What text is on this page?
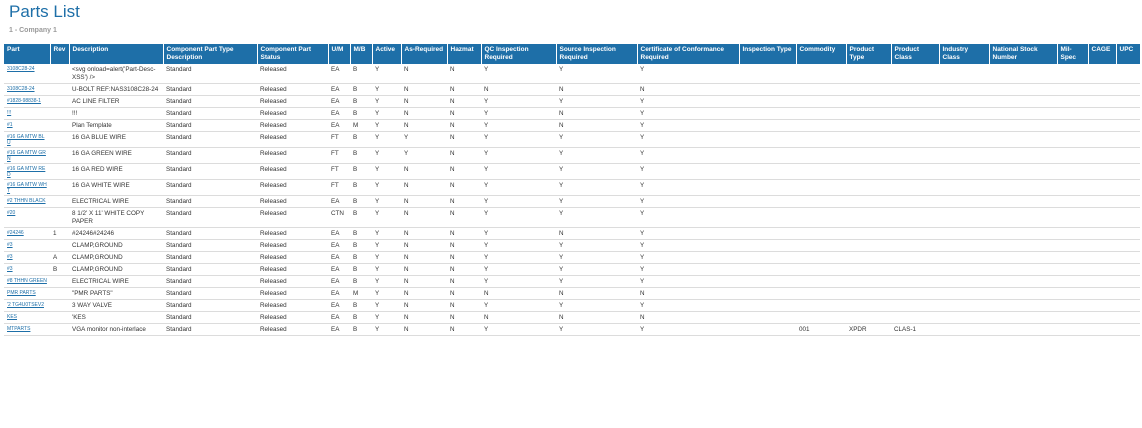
Parts List
1 - Company 1
Part	Rev	Description	Component Part Type Description	Component Part Status	U/M	M/B	Active	As-Required	Hazmat	QC Inspection Required	Source Inspection Required	Certificate of Conformance Required	Inspection Type	Commodity	Product Type	Product Class	Industry Class	National Stock Number	Mil-Spec	CAGE	UPC

3108C28-24		<svg onload=alert('Part-Desc-XSS') />	Standard	Released	EA	B	Y	N	N	Y	Y	Y									

3108C28-24		U-BOLT REF:NAS3108C28-24	Standard	Released	EA	B	Y	N	N	N	N	N									

#1828-98838-1		AC LINE FILTER	Standard	Released	EA	B	Y	N	N	Y	Y	Y									

!!!		!!!	Standard	Released	EA	B	Y	N	N	Y	N	Y									

#1		Plan Template	Standard	Released	EA	M	Y	N	N	Y	N	Y									

#16 GA MTW BLU		16 GA BLUE WIRE	Standard	Released	FT	B	Y	Y	N	Y	Y	Y									

#16 GA MTW GRN		16 GA GREEN WIRE	Standard	Released	FT	B	Y	Y	N	Y	Y	Y									

#16 GA MTW RED		16 GA RED WIRE	Standard	Released	FT	B	Y	N	N	Y	Y	Y									

#16 GA MTW WHT		16 GA WHITE WIRE	Standard	Released	FT	B	Y	N	N	Y	Y	Y									

#2 THHN BLACK		ELECTRICAL WIRE	Standard	Released	EA	B	Y	N	N	Y	Y	Y									

#20		8 1/2' X 11' WHITE COPY PAPER	Standard	Released	CTN	B	Y	N	N	Y	Y	Y									

#24246	1	#24246#24246	Standard	Released	EA	B	Y	N	N	Y	N	Y									

#3		CLAMP,GROUND	Standard	Released	EA	B	Y	N	N	Y	Y	Y									

#3	A	CLAMP,GROUND	Standard	Released	EA	B	Y	N	N	Y	Y	Y									

#3	B	CLAMP,GROUND	Standard	Released	EA	B	Y	N	N	Y	Y	Y									

#8 THHN GREEN		ELECTRICAL WIRE	Standard	Released	EA	B	Y	N	N	Y	Y	Y									

PMR PARTS		"PMR PARTS"	Standard	Released	EA	M	Y	N	N	N	N	N									

'2 TG4U0TSEV2		3 WAY VALVE	Standard	Released	EA	B	Y	N	N	Y	Y	Y									

KES		'KES	Standard	Released	EA	B	Y	N	N	N	N	N									

MTPARTS		VGA monitor non-interlace	Standard	Released	EA	B	Y	N	N	Y	Y	Y		001	XPDR	CLAS-1					
